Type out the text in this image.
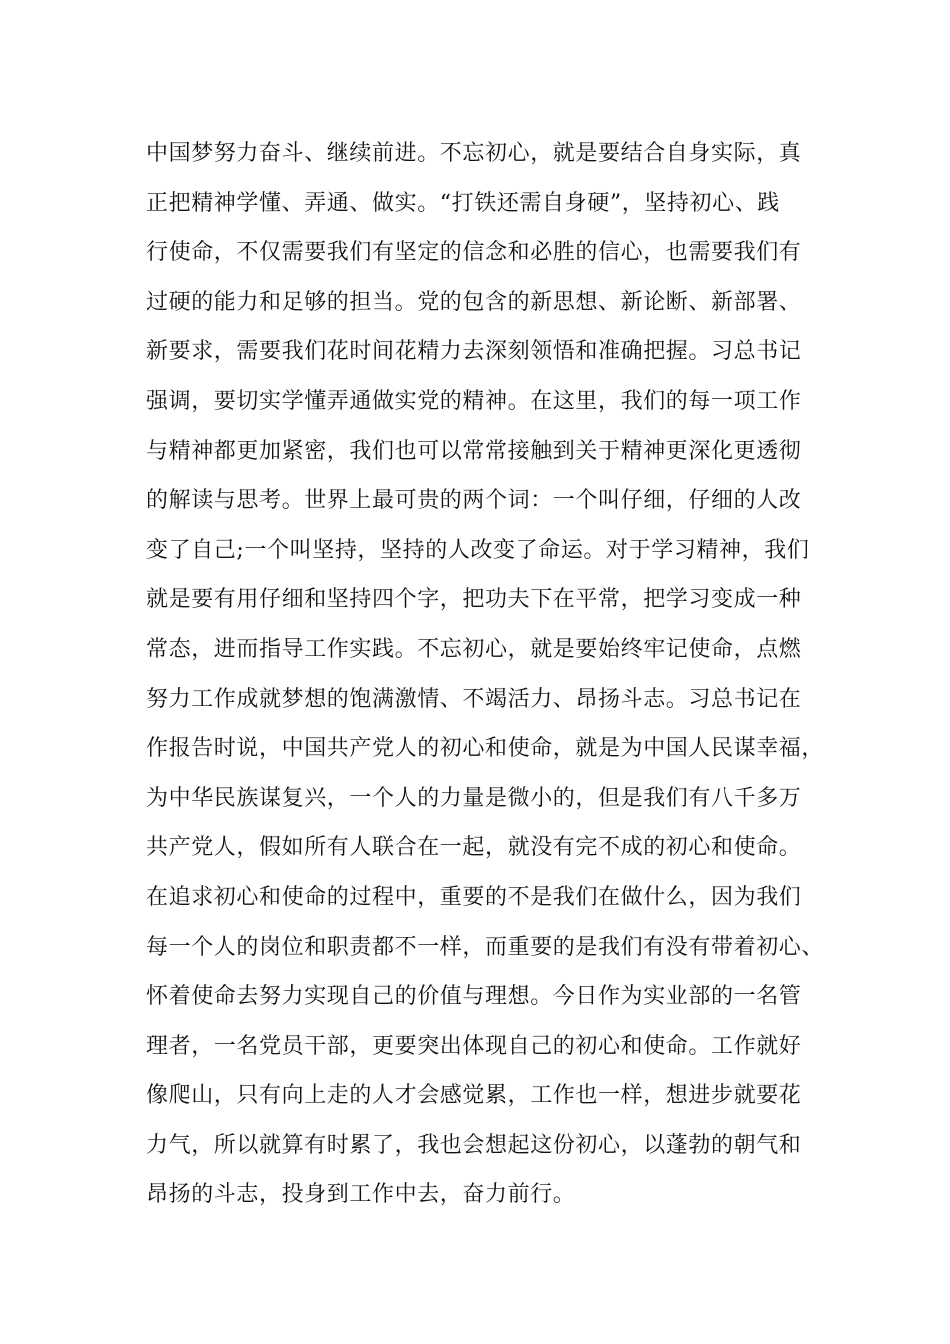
中国梦努力奋斗、继续前进。不忘初心，就是要结合自身实际，真
正把精神学懂、弄通、做实。“打铁还需自身硬”，坚持初心、践
行使命，不仅需要我们有坚定的信念和必胜的信心，也需要我们有
过硬的能力和足够的担当。党的包含的新思想、新论断、新部署、
新要求，需要我们花时间花精力去深刻领悟和准确把握。习总书记
强调，要切实学懂弄通做实党的精神。在这里，我们的每一项工作
与精神都更加紧密，我们也可以常常接触到关于精神更深化更透彻
的解读与思考。世界上最可贵的两个词：一个叫仔细，仔细的人改
变了自己;一个叫坚持，坚持的人改变了命运。对于学习精神，我们
就是要有用仔细和坚持四个字，把功夫下在平常，把学习变成一种
常态，进而指导工作实践。不忘初心，就是要始终牢记使命，点燃
努力工作成就梦想的饱满激情、不竭活力、昂扬斗志。习总书记在
作报告时说，中国共产党人的初心和使命，就是为中国人民谋幸福，
为中华民族谋复兴，一个人的力量是微小的，但是我们有八千多万
共产党人，假如所有人联合在一起，就没有完不成的初心和使命。
在追求初心和使命的过程中，重要的不是我们在做什么，因为我们
每一个人的岗位和职责都不一样，而重要的是我们有没有带着初心、
怀着使命去努力实现自己的价值与理想。今日作为实业部的一名管
理者，一名党员干部，更要突出体现自己的初心和使命。工作就好
像爬山，只有向上走的人才会感觉累，工作也一样，想进步就要花
力气，所以就算有时累了，我也会想起这份初心，以蓬勃的朝气和
昂扬的斗志，投身到工作中去，奋力前行。
